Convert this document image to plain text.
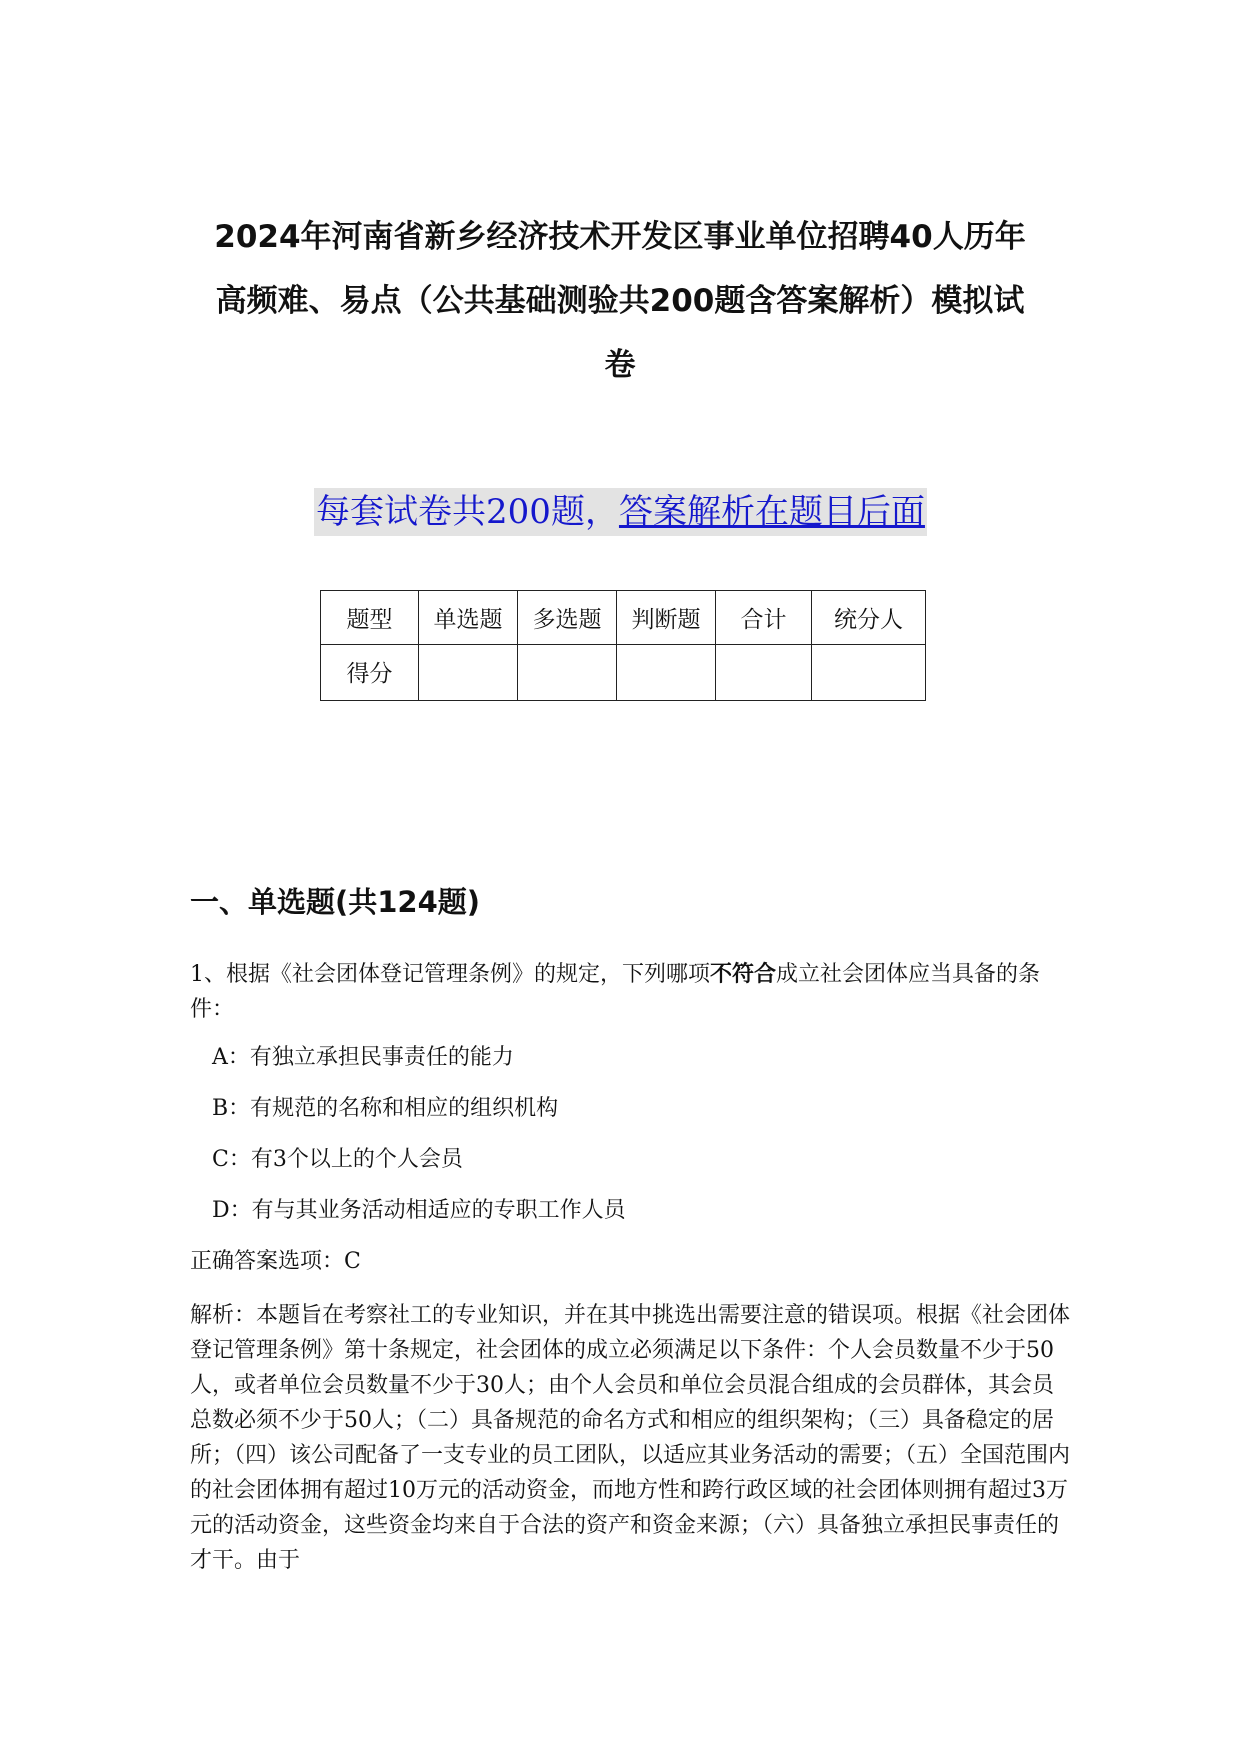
2024年河南省新乡经济技术开发区事业单位招聘40人历年
高频难、易点（公共基础测验共200题含答案解析）模拟试
卷
每套试卷共200题，答案解析在题目后面
题型	单选题	多选题	判断题	合计	统分人
得分					
一、单选题(共124题)
1、根据《社会团体登记管理条例》的规定，下列哪项不符合成立社会团体应当具备的条件：
A：有独立承担民事责任的能力
B：有规范的名称和相应的组织机构
C：有3个以上的个人会员
D：有与其业务活动相适应的专职工作人员
正确答案选项：C
解析：本题旨在考察社工的专业知识，并在其中挑选出需要注意的错误项。根据《社会团体登记管理条例》第十条规定，社会团体的成立必须满足以下条件：个人会员数量不少于50人，或者单位会员数量不少于30人；由个人会员和单位会员混合组成的会员群体，其会员总数必须不少于50人；（二）具备规范的命名方式和相应的组织架构；（三）具备稳定的居所；（四）该公司配备了一支专业的员工团队，以适应其业务活动的需要；（五）全国范围内的社会团体拥有超过10万元的活动资金，而地方性和跨行政区域的社会团体则拥有超过3万元的活动资金，这些资金均来自于合法的资产和资金来源；（六）具备独立承担民事责任的才干。由于
